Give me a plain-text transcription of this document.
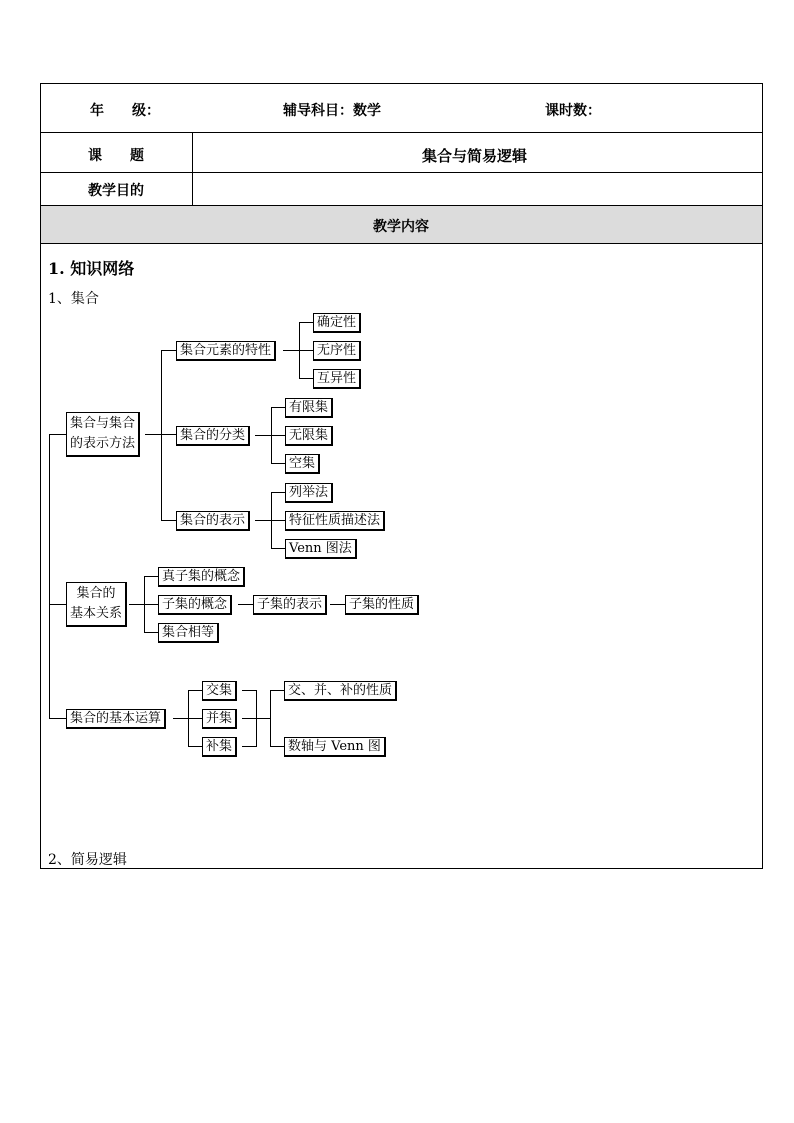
年　　级：	辅导科目：数学	课时数：
课　　题	集合与简易逻辑
教学目的
教学内容
1. 知识网络
1、集合
2、简易逻辑
集合与集合
的表示方法
集合元素的特性
确定性
无序性
互异性
集合的分类
有限集
无限集
空集
集合的表示
列举法
特征性质描述法
Venn 图法
集合的
基本关系
真子集的概念
子集的概念	子集的表示	子集的性质
集合相等
集合的基本运算
交集
并集
补集
交、并、补的性质
数轴与 Venn 图
